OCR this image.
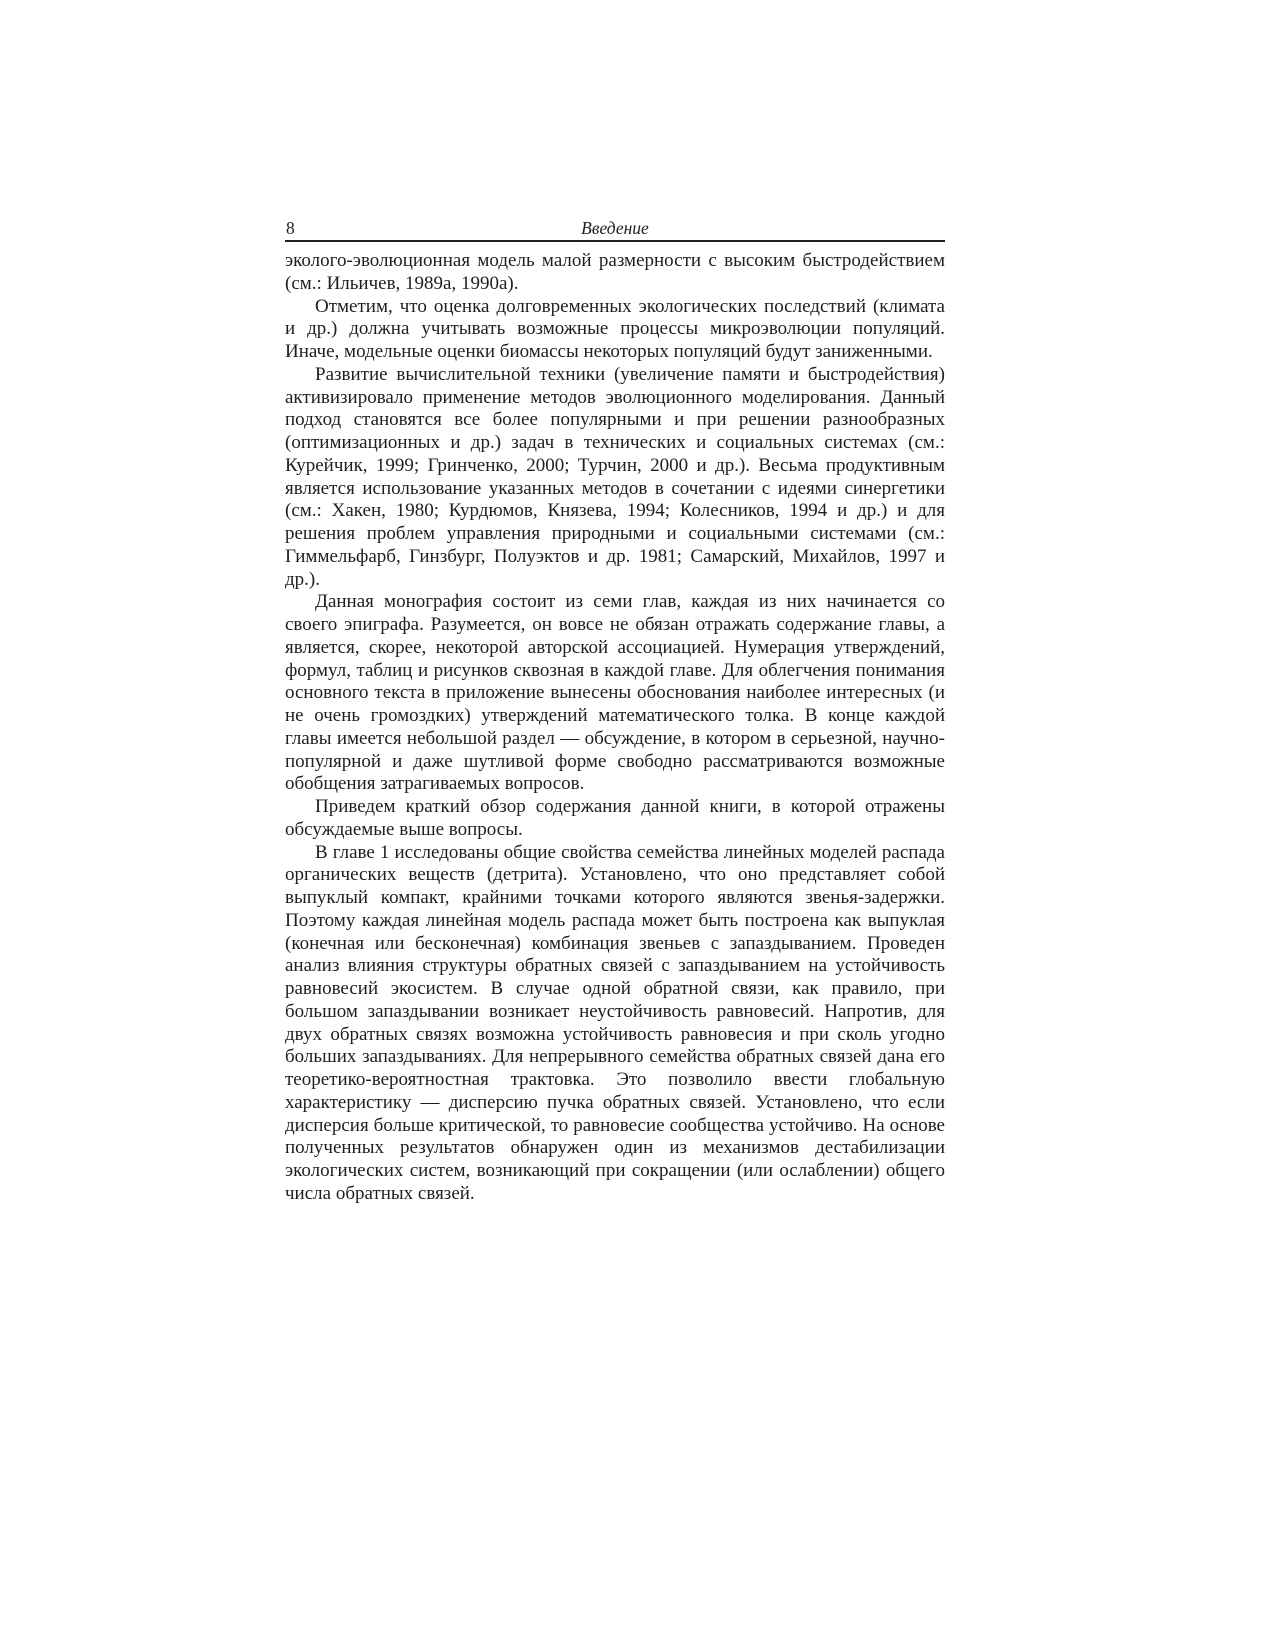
8	Введение

эколого-эволюционная модель малой размерности с высоким быстродействием (см.: Ильичев, 1989a, 1990a).

Отметим, что оценка долговременных экологических последствий (климата и др.) должна учитывать возможные процессы микроэволюции популяций. Иначе, модельные оценки биомассы некоторых популяций будут заниженными.

Развитие вычислительной техники (увеличение памяти и быстродействия) активизировало применение методов эволюционного моделирования. Данный подход становятся все более популярными и при решении разнообразных (оптимизационных и др.) задач в технических и социальных системах (см.: Курейчик, 1999; Гринченко, 2000; Турчин, 2000 и др.). Весьма продуктивным является использование указанных методов в сочетании с идеями синергетики (см.: Хакен, 1980; Курдюмов, Князева, 1994; Колесников, 1994 и др.) и для решения проблем управления природными и социальными системами (см.: Гиммельфарб, Гинзбург, Полуэктов и др. 1981; Самарский, Михайлов, 1997 и др.).

Данная монография состоит из семи глав, каждая из них начинается со своего эпиграфа. Разумеется, он вовсе не обязан отражать содержание главы, а является, скорее, некоторой авторской ассоциацией. Нумерация утверждений, формул, таблиц и рисунков сквозная в каждой главе. Для облегчения понимания основного текста в приложение вынесены обоснования наиболее интересных (и не очень громоздких) утверждений математического толка. В конце каждой главы имеется небольшой раздел — обсуждение, в котором в серьезной, научно-популярной и даже шутливой форме свободно рассматриваются возможные обобщения затрагиваемых вопросов.

Приведем краткий обзор содержания данной книги, в которой отражены обсуждаемые выше вопросы.

В главе 1 исследованы общие свойства семейства линейных моделей распада органических веществ (детрита). Установлено, что оно представляет собой выпуклый компакт, крайними точками которого являются звенья-задержки. Поэтому каждая линейная модель распада может быть построена как выпуклая (конечная или бесконечная) комбинация звеньев с запаздыванием. Проведен анализ влияния структуры обратных связей с запаздыванием на устойчивость равновесий экосистем. В случае одной обратной связи, как правило, при большом запаздывании возникает неустойчивость равновесий. Напротив, для двух обратных связях возможна устойчивость равновесия и при сколь угодно больших запаздываниях. Для непрерывного семейства обратных связей дана его теоретико-вероятностная трактовка. Это позволило ввести глобальную характеристику — дисперсию пучка обратных связей. Установлено, что если дисперсия больше критической, то равновесие сообщества устойчиво. На основе полученных результатов обнаружен один из механизмов дестабилизации экологических систем, возникающий при сокращении (или ослаблении) общего числа обратных связей.
